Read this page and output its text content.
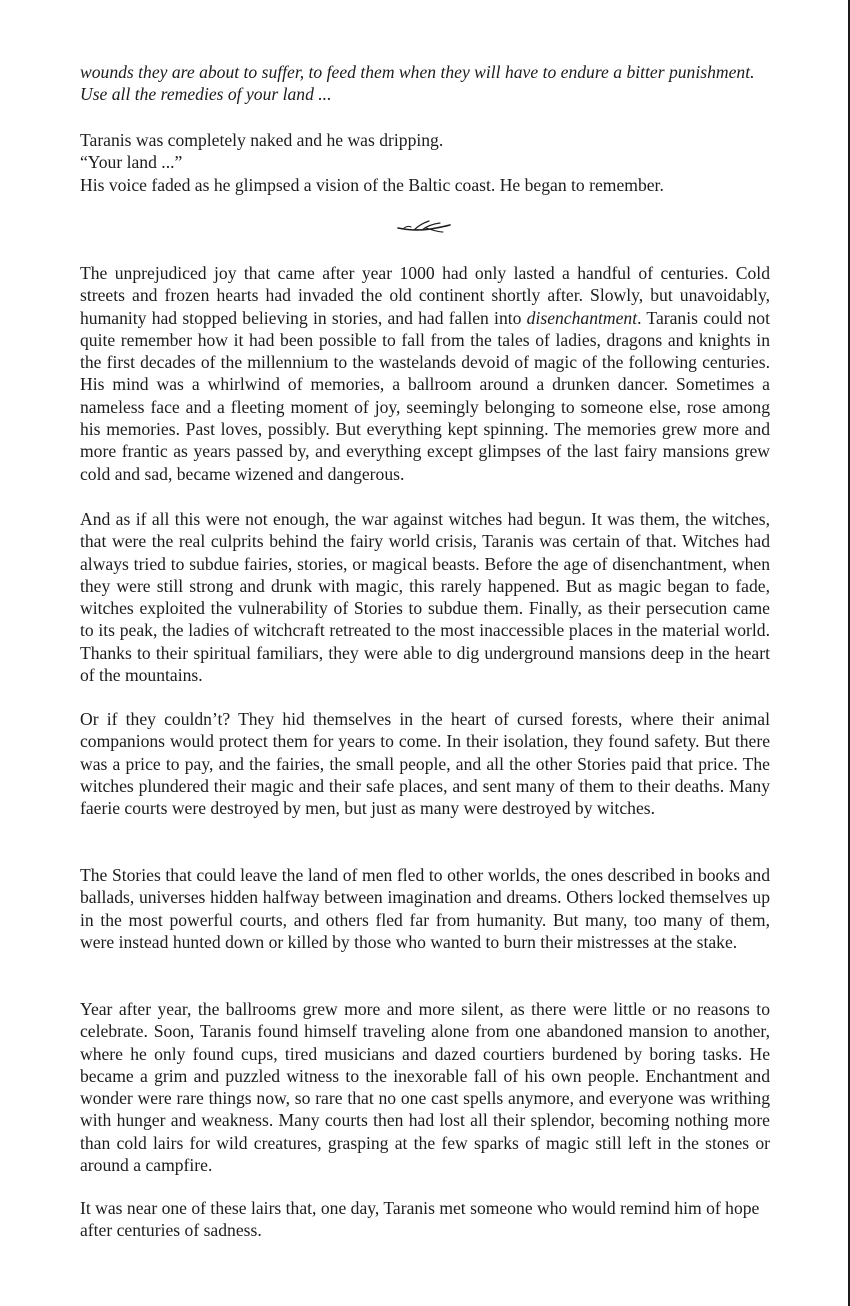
wounds they are about to suffer, to feed them when they will have to endure a bitter punishment.
Use all the remedies of your land ...

Taranis was completely naked and he was dripping.
“Your land ...”
His voice faded as he glimpsed a vision of the Baltic coast. He began to remember.

The unprejudiced joy that came after year 1000 had only lasted a handful of centuries. Cold streets and frozen hearts had invaded the old continent shortly after. Slowly, but unavoidably, humanity had stopped believing in stories, and had fallen into disenchantment. Taranis could not quite remember how it had been possible to fall from the tales of ladies, dragons and knights in the first decades of the millennium to the wastelands devoid of magic of the following centuries. His mind was a whirlwind of memories, a ballroom around a drunken dancer. Sometimes a nameless face and a fleeting moment of joy, seemingly belonging to someone else, rose among his memories. Past loves, possibly. But everything kept spinning. The memories grew more and more frantic as years passed by, and everything except glimpses of the last fairy mansions grew cold and sad, became wizened and dangerous.

And as if all this were not enough, the war against witches had begun. It was them, the witches, that were the real culprits behind the fairy world crisis, Taranis was certain of that. Witches had always tried to subdue fairies, stories, or magical beasts. Before the age of disenchantment, when they were still strong and drunk with magic, this rarely happened. But as magic began to fade, witches exploited the vulnerability of Stories to subdue them. Finally, as their persecution came to its peak, the ladies of witchcraft retreated to the most inaccessible places in the material world. Thanks to their spiritual familiars, they were able to dig underground mansions deep in the heart of the mountains.

Or if they couldn’t? They hid themselves in the heart of cursed forests, where their animal companions would protect them for years to come. In their isolation, they found safety. But there was a price to pay, and the fairies, the small people, and all the other Stories paid that price. The witches plundered their magic and their safe places, and sent many of them to their deaths. Many faerie courts were destroyed by men, but just as many were destroyed by witches.

The Stories that could leave the land of men fled to other worlds, the ones described in books and ballads, universes hidden halfway between imagination and dreams. Others locked themselves up in the most powerful courts, and others fled far from humanity. But many, too many of them, were instead hunted down or killed by those who wanted to burn their mistresses at the stake.

Year after year, the ballrooms grew more and more silent, as there were little or no reasons to celebrate. Soon, Taranis found himself traveling alone from one abandoned mansion to another, where he only found cups, tired musicians and dazed courtiers burdened by boring tasks. He became a grim and puzzled witness to the inexorable fall of his own people. Enchantment and wonder were rare things now, so rare that no one cast spells anymore, and everyone was writhing with hunger and weakness. Many courts then had lost all their splendor, becoming nothing more than cold lairs for wild creatures, grasping at the few sparks of magic still left in the stones or around a campfire.

It was near one of these lairs that, one day, Taranis met someone who would remind him of hope after centuries of sadness.
